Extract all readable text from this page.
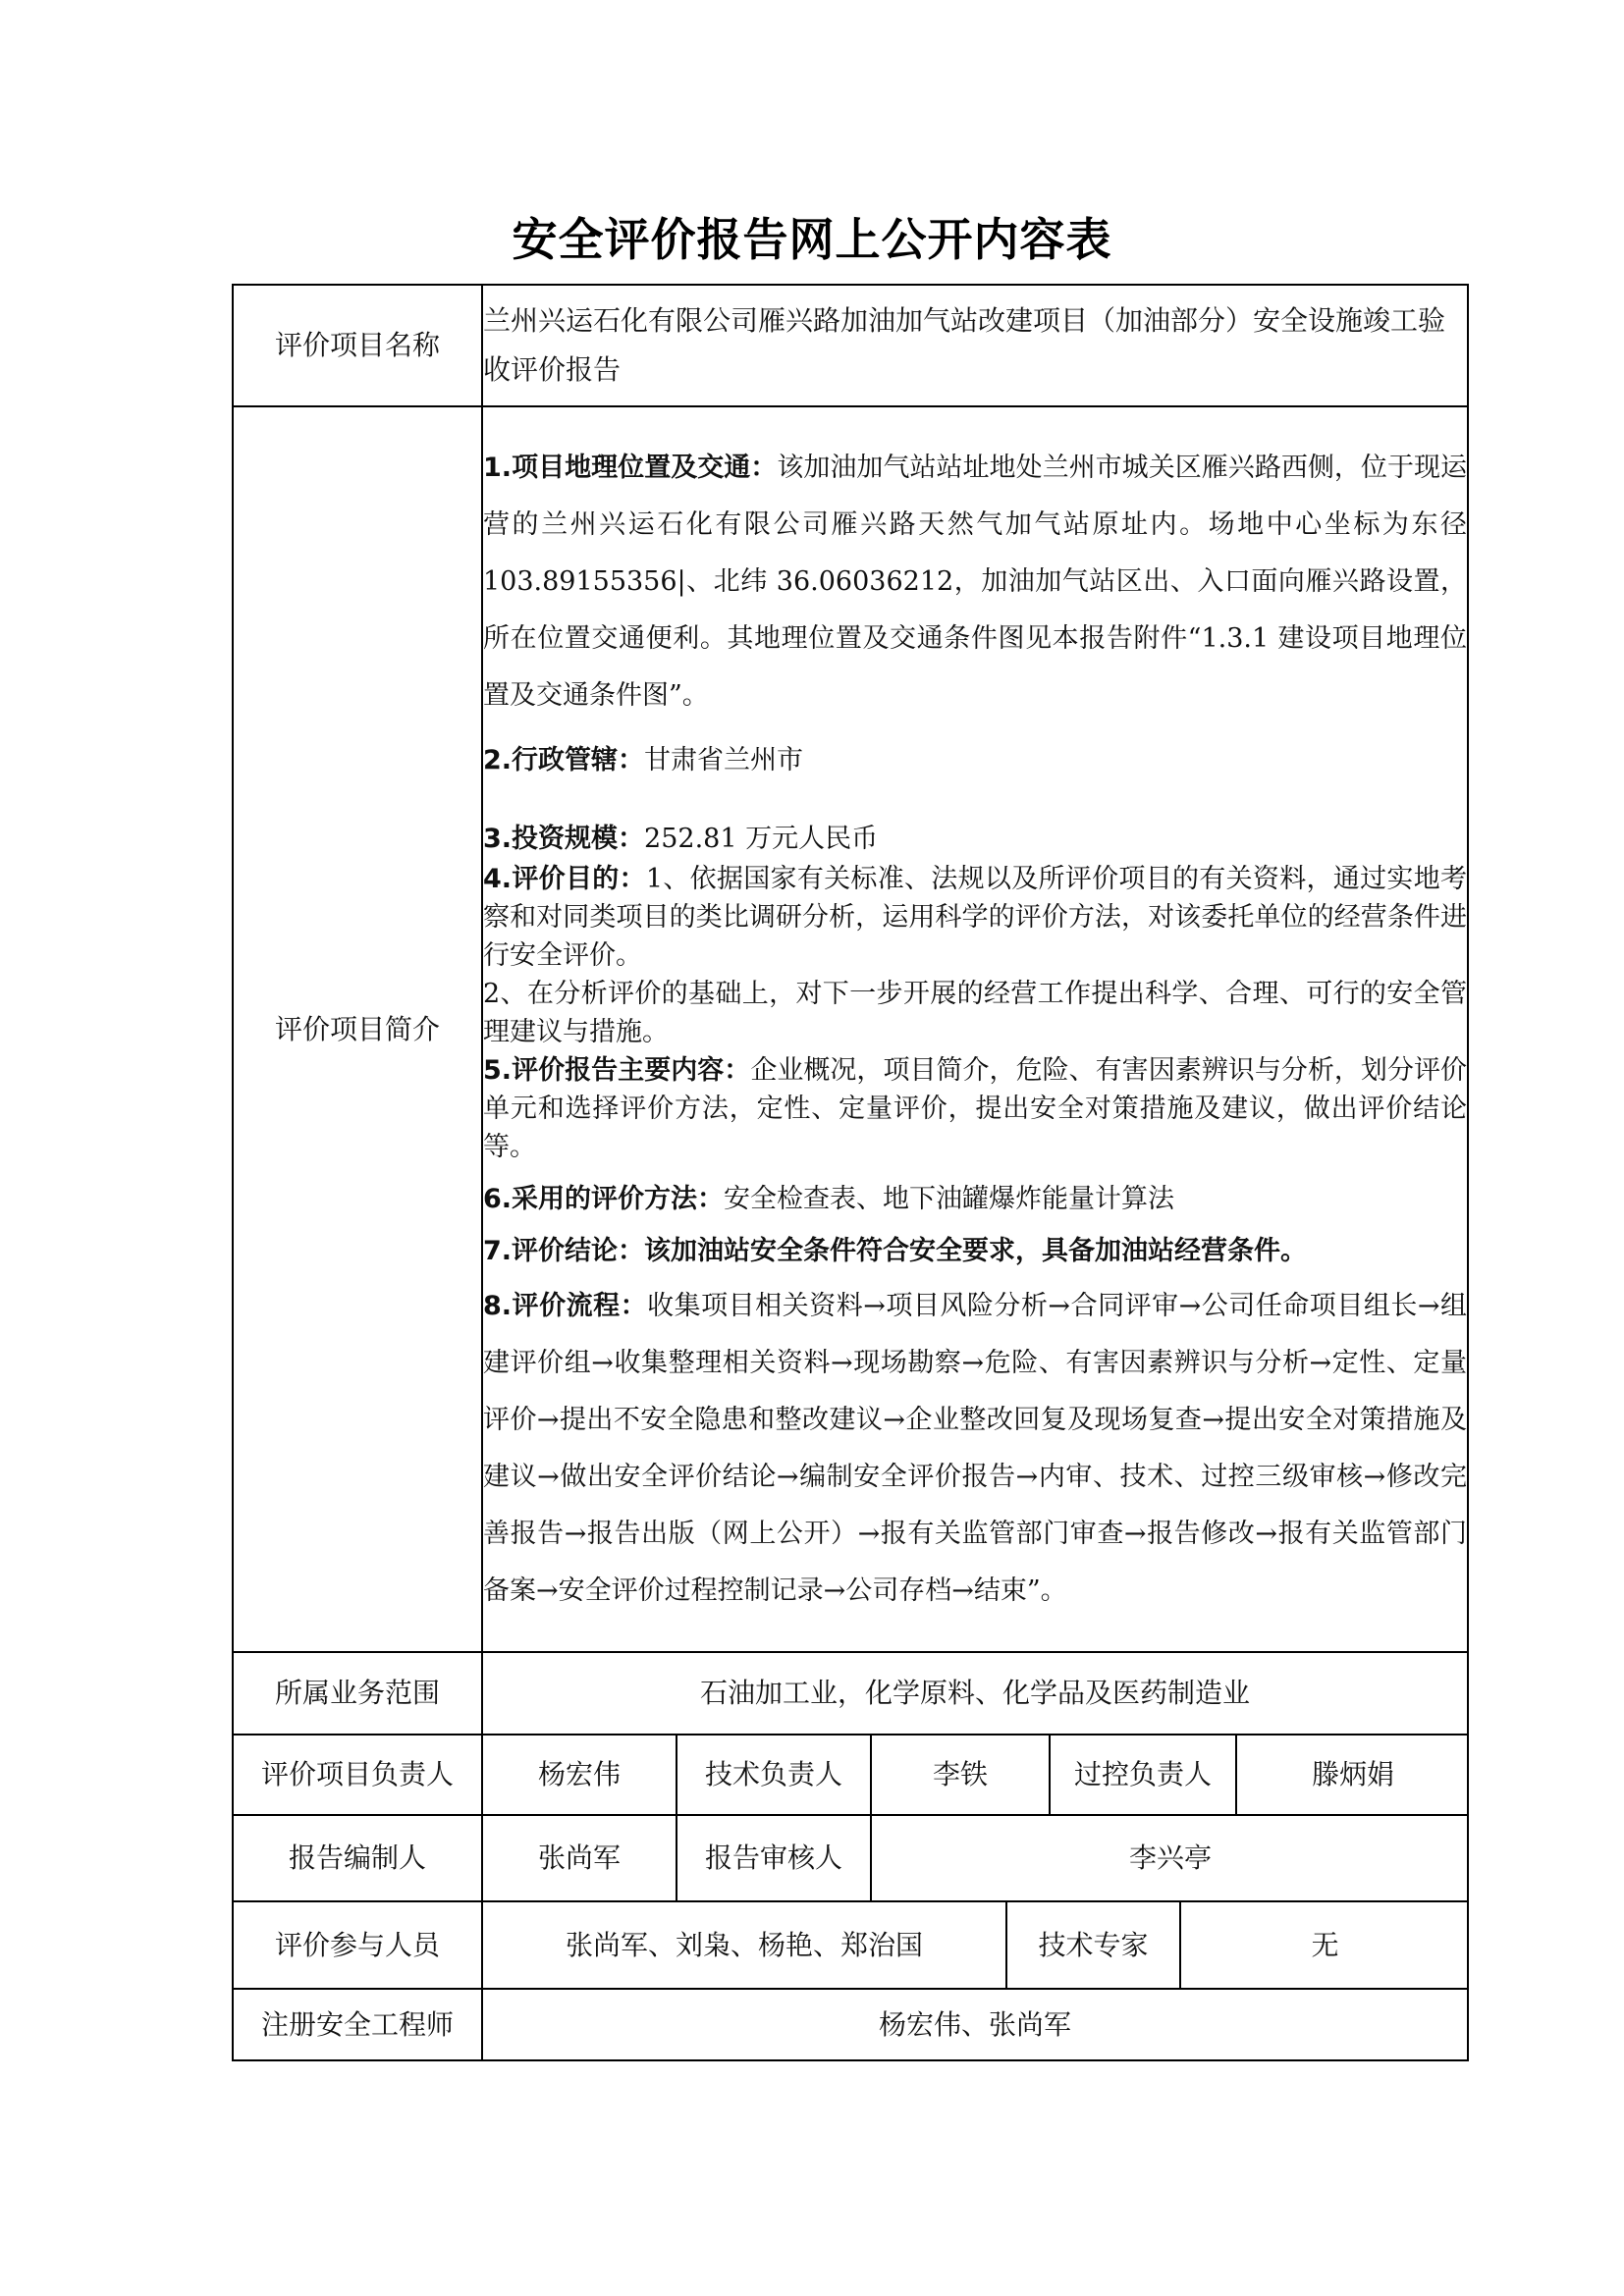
安全评价报告网上公开内容表
评价项目名称	兰州兴运石化有限公司雁兴路加油加气站改建项目（加油部分）安全设施竣工验收评价报告
评价项目简介	

1.项目地理位置及交通：该加油加气站站址地处兰州市城关区雁兴路西侧，位于现运营的兰州兴运石化有限公司雁兴路天然气加气站原址内。场地中心坐标为东径 103.89155356|、北纬 36.06036212，加油加气站区出、入口面向雁兴路设置，所在位置交通便利。其地理位置及交通条件图见本报告附件“1.3.1 建设项目地理位置及交通条件图”。

2.行政管辖：甘肃省兰州市

3.投资规模：252.81 万元人民币

4.评价目的：1、依据国家有关标准、法规以及所评价项目的有关资料，通过实地考察和对同类项目的类比调研分析，运用科学的评价方法，对该委托单位的经营条件进行安全评价。

2、在分析评价的基础上，对下一步开展的经营工作提出科学、合理、可行的安全管理建议与措施。

5.评价报告主要内容：企业概况，项目简介，危险、有害因素辨识与分析，划分评价单元和选择评价方法，定性、定量评价，提出安全对策措施及建议，做出评价结论等。

6.采用的评价方法：安全检查表、地下油罐爆炸能量计算法

7.评价结论：该加油站安全条件符合安全要求，具备加油站经营条件。

8.评价流程：收集项目相关资料→项目风险分析→合同评审→公司任命项目组长→组建评价组→收集整理相关资料→现场勘察→危险、有害因素辨识与分析→定性、定量评价→提出不安全隐患和整改建议→企业整改回复及现场复查→提出安全对策措施及建议→做出安全评价结论→编制安全评价报告→内审、技术、过控三级审核→修改完善报告→报告出版（网上公开）→报有关监管部门审查→报告修改→报有关监管部门备案→安全评价过程控制记录→公司存档→结束”。

所属业务范围	石油加工业，化学原料、化学品及医药制造业
评价项目负责人		杨宏伟	技术负责人	李铁	过控负责人	滕炳娟

报告编制人		张尚军	报告审核人	李兴亭

评价参与人员		张尚军、刘枭、杨艳、郑治国	技术专家	无

注册安全工程师	杨宏伟、张尚军
